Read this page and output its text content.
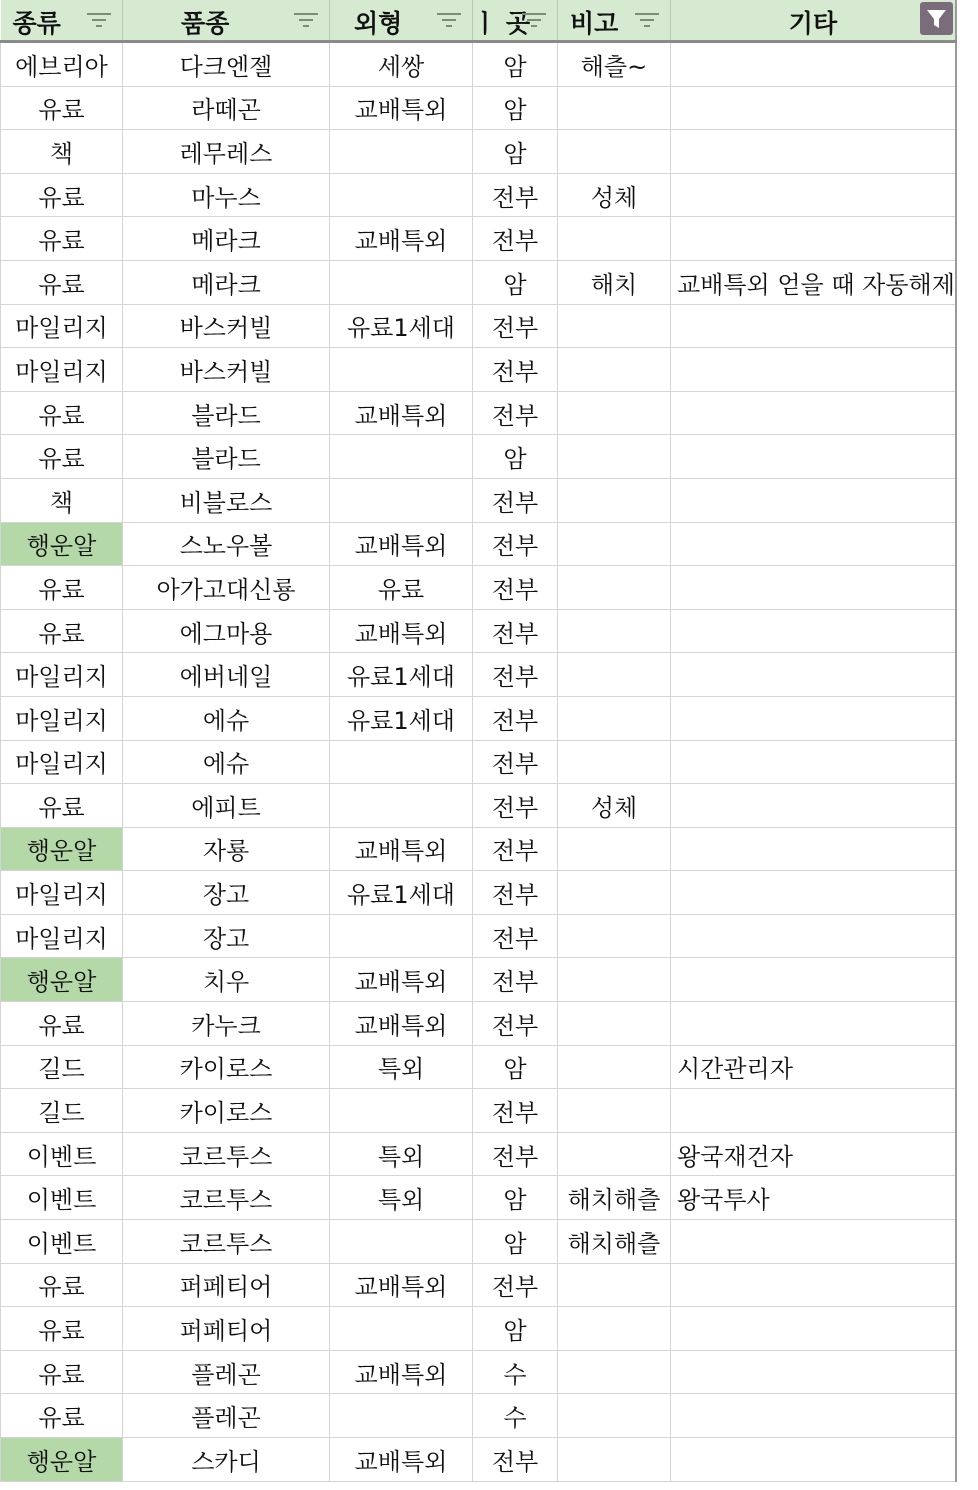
종류	품종	외형	ㅣ 곳	비고	기타

에브리아	다크엔젤	세쌍	암	해츨~	
유료	라떼곤	교배특외	암		
책	레무레스		암		
유료	마누스		전부	성체	
유료	메라크	교배특외	전부		
유료	메라크		암	해치	교배특외 얻을 때 자동해제
마일리지	바스커빌	유료1세대	전부		
마일리지	바스커빌		전부		
유료	블라드	교배특외	전부		
유료	블라드		암		
책	비블로스		전부		
행운알	스노우볼	교배특외	전부		
유료	아가고대신룡	유료	전부		
유료	에그마용	교배특외	전부		
마일리지	에버네일	유료1세대	전부		
마일리지	에슈	유료1세대	전부		
마일리지	에슈		전부		
유료	에피트		전부	성체	
행운알	자룡	교배특외	전부		
마일리지	장고	유료1세대	전부		
마일리지	장고		전부		
행운알	치우	교배특외	전부		
유료	카누크	교배특외	전부		
길드	카이로스	특외	암		시간관리자
길드	카이로스		전부		
이벤트	코르투스	특외	전부		왕국재건자
이벤트	코르투스	특외	암	해치해츨	왕국투사
이벤트	코르투스		암	해치해츨	
유료	퍼페티어	교배특외	전부		
유료	퍼페티어		암		
유료	플레곤	교배특외	수		
유료	플레곤		수		
행운알	스카디	교배특외	전부		
